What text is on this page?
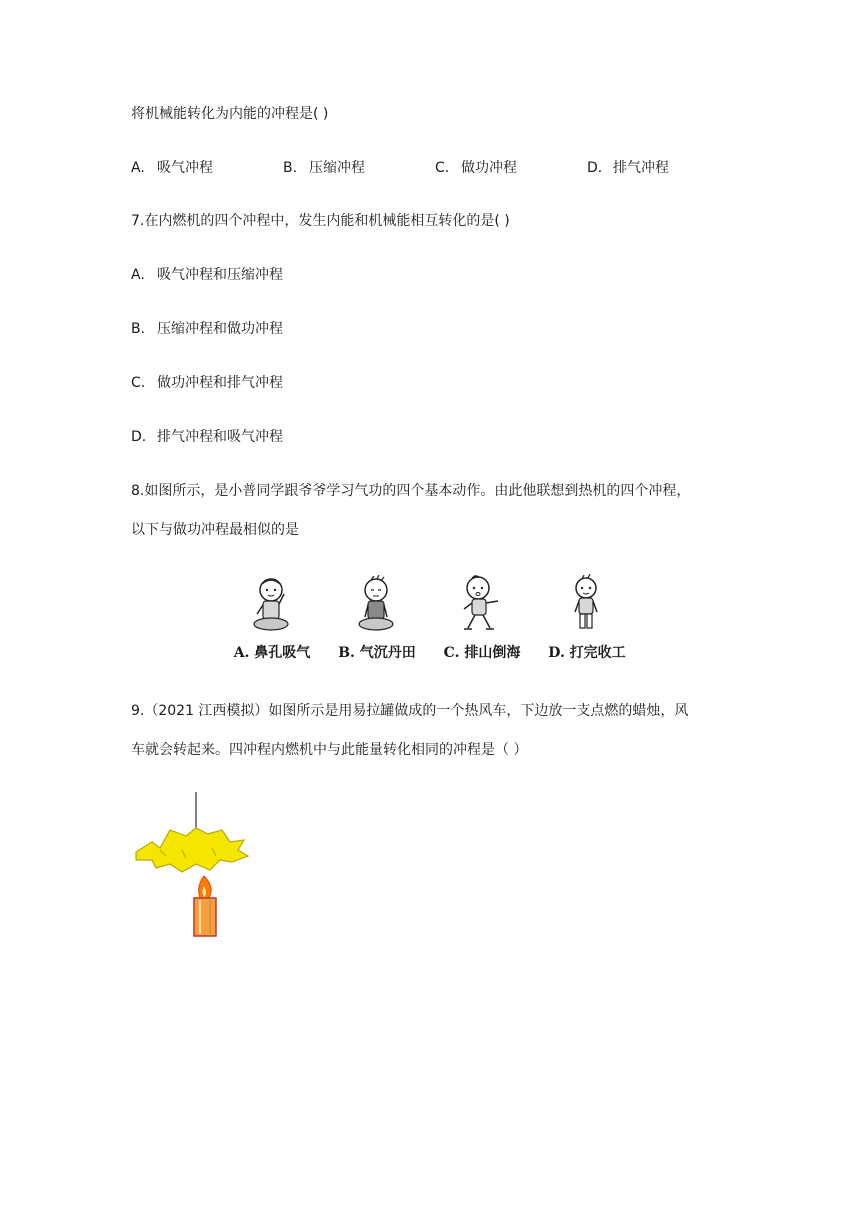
将机械能转化为内能的冲程是( )
A. 吸气冲程	B. 压缩冲程	C. 做功冲程	D. 排气冲程
7.在内燃机的四个冲程中，发生内能和机械能相互转化的是( )
A. 吸气冲程和压缩冲程
B. 压缩冲程和做功冲程
C. 做功冲程和排气冲程
D. 排气冲程和吸气冲程
8.如图所示，是小普同学跟爷爷学习气功的四个基本动作。由此他联想到热机的四个冲程，
以下与做功冲程最相似的是
A. 鼻孔吸气	B. 气沉丹田	C. 排山倒海	D. 打完收工
9.（2021 江西模拟）如图所示是用易拉罐做成的一个热风车，下边放一支点燃的蜡烛，风
车就会转起来。四冲程内燃机中与此能量转化相同的冲程是（ ）
